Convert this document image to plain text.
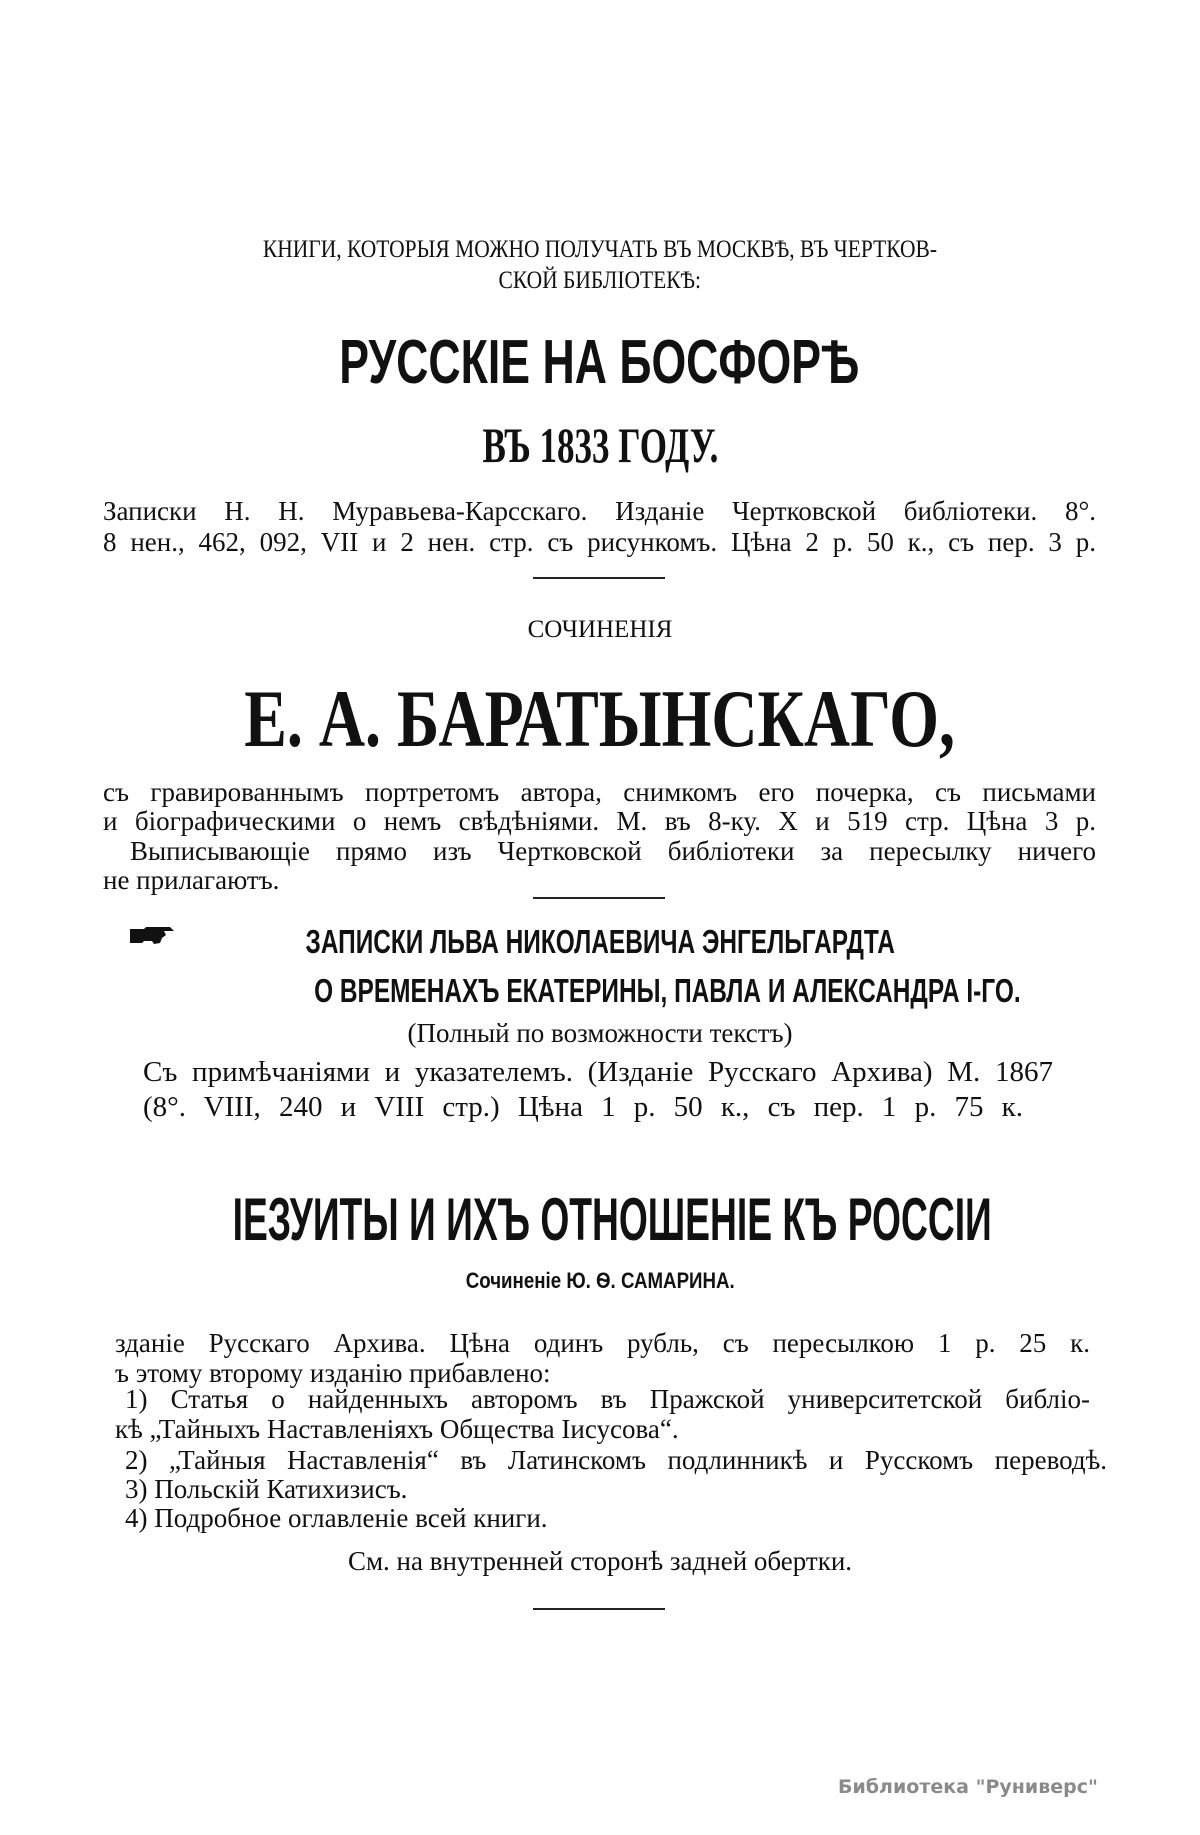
КНИГИ, КОТОРЫЯ МОЖНО ПОЛУЧАТЬ ВЪ МОСКВѢ, ВЪ ЧЕРТКОВ-
СКОЙ БИБЛІОТЕКѢ:
РУССКІЕ НА БОСФОРѢ
ВЪ 1833 ГОДУ.
Записки Н. Н. Муравьева-Карсскаго. Изданіе Чертковской библіотеки. 8°.
8 нен., 462, 092, VII и 2 нен. стр. съ рисункомъ. Цѣна 2 р. 50 к., съ пер. 3 р.
СОЧИНЕНІЯ
Е. А. БАРАТЫНСКАГО,
съ гравированнымъ портретомъ автора, снимкомъ его почерка, съ письмами
и біографическими о немъ свѣдѣніями. М. въ 8-ку. X и 519 стр. Цѣна 3 р.
Выписывающіе прямо изъ Чертковской библіотеки за пересылку ничего
не прилагаютъ.
ЗАПИСКИ ЛЬВА НИКОЛАЕВИЧА ЭНГЕЛЬГАРДТА
О ВРЕМЕНАХЪ ЕКАТЕРИНЫ, ПАВЛА И АЛЕКСАНДРА I-ГО.
(Полный по возможности текстъ)
Съ примѣчаніями и указателемъ. (Изданіе Русскаго Архива) М. 1867
(8°. VIII, 240 и VIII стр.) Цѣна 1 р. 50 к., съ пер. 1 р. 75 к.
ІЕЗУИТЫ И ИХЪ ОТНОШЕНІЕ КЪ РОССІИ
Сочиненіе Ю. Ѳ. САМАРИНА.
зданіе Русскаго Архива. Цѣна одинъ рубль, съ пересылкою 1 р. 25 к.
ъ этому второму изданію прибавлено:
1) Статья о найденныхъ авторомъ въ Пражской университетской библіо-
кѣ „Тайныхъ Наставленіяхъ Общества Іисусова“.
2) „Тайныя Наставленія“ въ Латинскомъ подлинникѣ и Русскомъ переводѣ.
3) Польскій Катихизисъ.
4) Подробное оглавленіе всей книги.
См. на внутренней сторонѣ задней обертки.
Библиотека "Руниверс"
